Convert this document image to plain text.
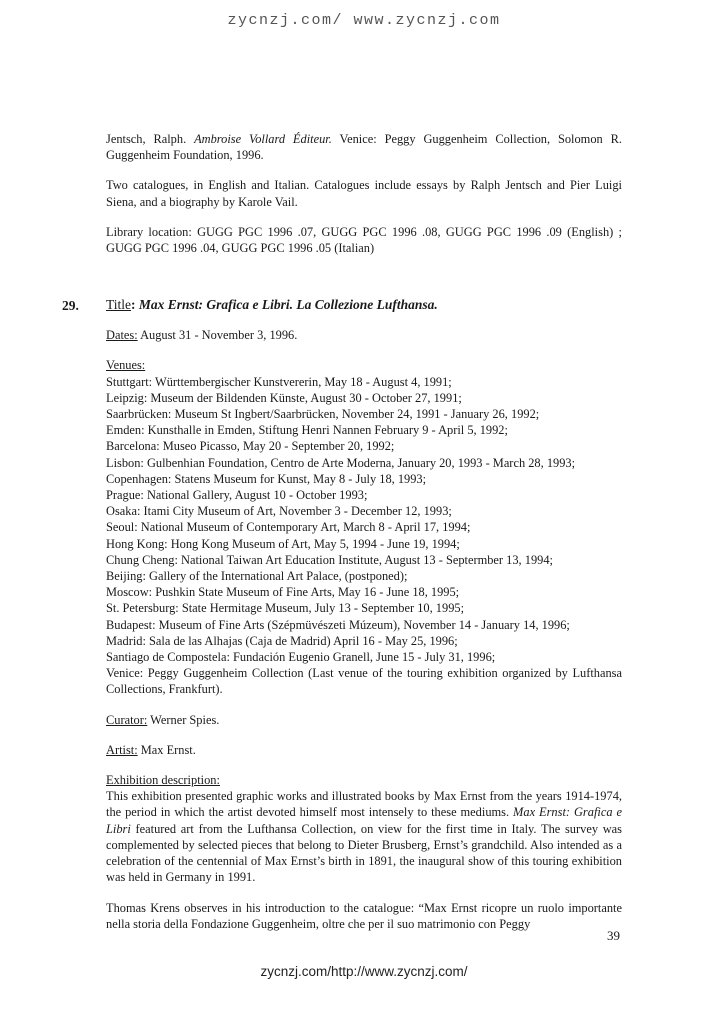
zycnzj.com/ www.zycnzj.com

Jentsch, Ralph. Ambroise Vollard Éditeur. Venice: Peggy Guggenheim Collection, Solomon R. Guggenheim Foundation, 1996.

Two catalogues, in English and Italian. Catalogues include essays by Ralph Jentsch and Pier Luigi Siena, and a biography by Karole Vail.

Library location: GUGG PGC 1996 .07, GUGG PGC 1996 .08, GUGG PGC 1996 .09 (English) ; GUGG PGC 1996 .04, GUGG PGC 1996 .05 (Italian)

29. Title: Max Ernst: Grafica e Libri. La Collezione Lufthansa.

Dates: August 31 - November 3, 1996.

Venues:

Stuttgart: Württembergischer Kunstvererin, May 18 - August 4, 1991;

Leipzig: Museum der Bildenden Künste, August 30 - October 27, 1991;

Saarbrücken: Museum St Ingbert/Saarbrücken, November 24, 1991 - January 26, 1992;

Emden: Kunsthalle in Emden, Stiftung Henri Nannen February 9 - April 5, 1992;

Barcelona: Museo Picasso, May 20 - September 20, 1992;

Lisbon: Gulbenhian Foundation, Centro de Arte Moderna, January 20, 1993 - March 28, 1993;

Copenhagen: Statens Museum for Kunst, May 8 - July 18, 1993;

Prague: National Gallery, August 10 - October 1993;

Osaka: Itami City Museum of Art, November 3 - December 12, 1993;

Seoul: National Museum of Contemporary Art, March 8 - April 17, 1994;

Hong Kong: Hong Kong Museum of Art, May 5, 1994 - June 19, 1994;

Chung Cheng: National Taiwan Art Education Institute, August 13 - Septermber 13, 1994;

Beijing: Gallery of the International Art Palace, (postponed);

Moscow: Pushkin State Museum of Fine Arts, May 16 - June 18, 1995;

St. Petersburg: State Hermitage Museum, July 13 - September 10, 1995;

Budapest: Museum of Fine Arts (Szépmüvészeti Múzeum), November 14 - January 14, 1996;

Madrid: Sala de las Alhajas (Caja de Madrid) April 16 - May 25, 1996;

Santiago de Compostela: Fundación Eugenio Granell, June 15 - July 31, 1996;

Venice: Peggy Guggenheim Collection (Last venue of the touring exhibition organized by Lufthansa Collections, Frankfurt).

Curator: Werner Spies.

Artist: Max Ernst.

Exhibition description:

This exhibition presented graphic works and illustrated books by Max Ernst from the years 1914-1974, the period in which the artist devoted himself most intensely to these mediums. Max Ernst: Grafica e Libri featured art from the Lufthansa Collection, on view for the first time in Italy. The survey was complemented by selected pieces that belong to Dieter Brusberg, Ernst’s grandchild. Also intended as a celebration of the centennial of Max Ernst’s birth in 1891, the inaugural show of this touring exhibition was held in Germany in 1991.

Thomas Krens observes in his introduction to the catalogue: “Max Ernst ricopre un ruolo importante nella storia della Fondazione Guggenheim, oltre che per il suo matrimonio con Peggy

39
zycnzj.com/http://www.zycnzj.com/
